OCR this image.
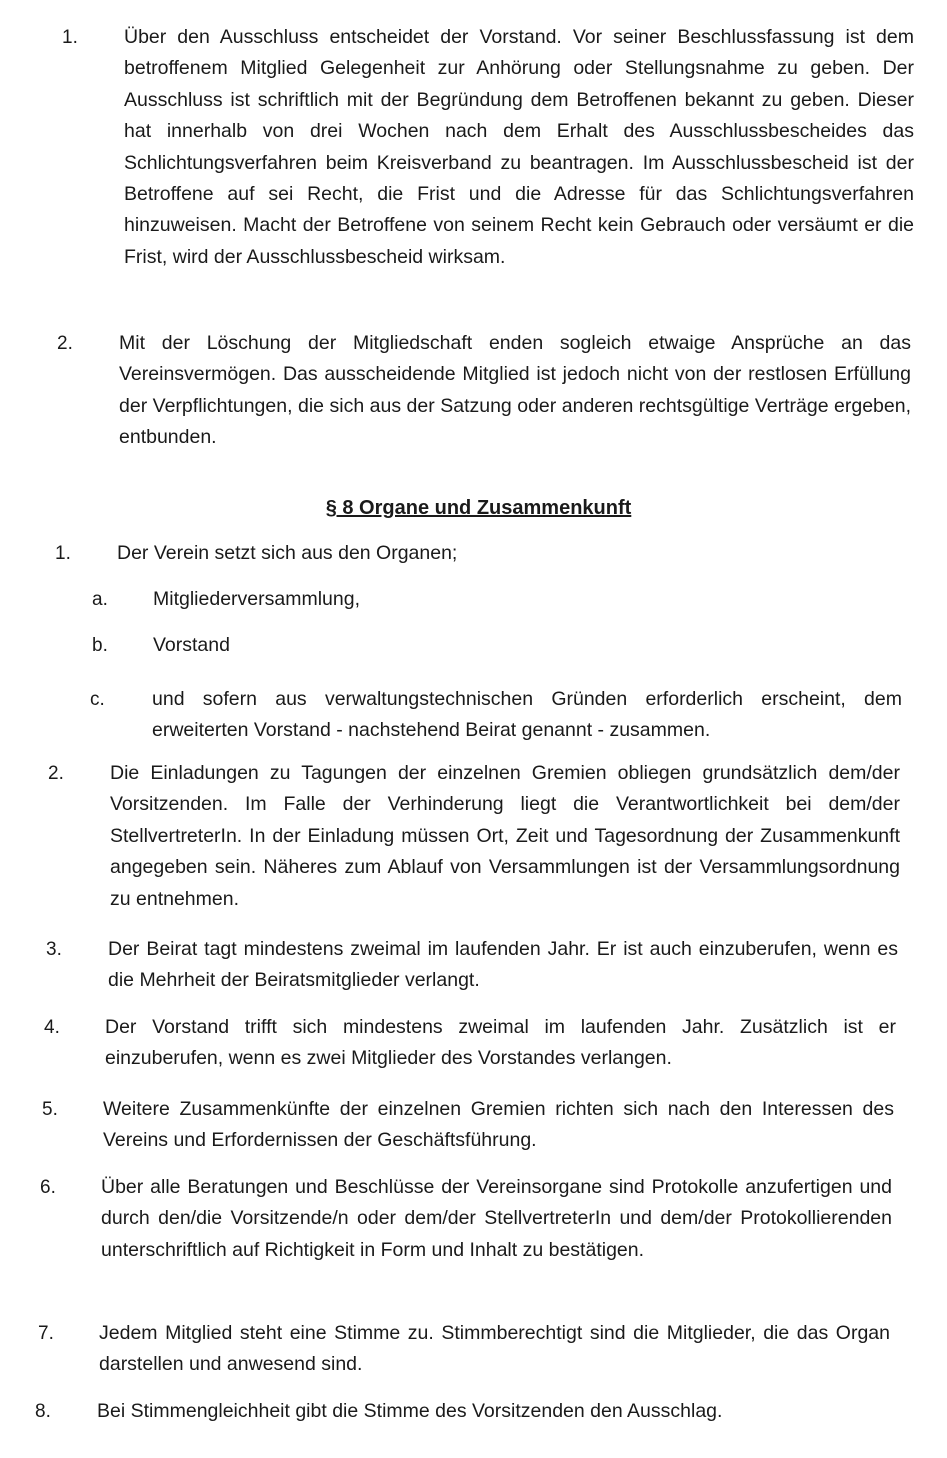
1.	Über den Ausschluss entscheidet der Vorstand. Vor seiner Beschlussfassung ist dem betroffenem Mitglied Gelegenheit zur Anhörung oder Stellungsnahme zu geben. Der Ausschluss ist schriftlich mit der Begründung dem Betroffenen bekannt zu geben. Dieser hat innerhalb von drei Wochen nach dem Erhalt des Ausschlussbescheides das Schlichtungsverfahren beim Kreisverband zu beantragen. Im Ausschlussbescheid ist der Betroffene auf sei Recht, die Frist und die Adresse für das Schlichtungsverfahren hinzuweisen. Macht der Betroffene von seinem Recht kein Gebrauch oder versäumt er die Frist, wird der Ausschlussbescheid wirksam.
2.	Mit der Löschung der Mitgliedschaft enden sogleich etwaige Ansprüche an das Vereinsvermögen. Das ausscheidende Mitglied ist jedoch nicht von der restlosen Erfüllung der Verpflichtungen, die sich aus der Satzung oder anderen rechtsgültige Verträge ergeben, entbunden.
§ 8 Organe und Zusammenkunft
1.	Der Verein setzt sich aus den Organen;
a.	Mitgliederversammlung,
b.	Vorstand
c.	und sofern aus verwaltungstechnischen Gründen erforderlich erscheint, dem erweiterten Vorstand - nachstehend Beirat genannt - zusammen.
2.	Die Einladungen zu Tagungen der einzelnen Gremien obliegen grundsätzlich dem/der Vorsitzenden. Im Falle der Verhinderung liegt die Verantwortlichkeit bei dem/der StellvertreterIn. In der Einladung müssen Ort, Zeit und Tagesordnung der Zusammenkunft angegeben sein. Näheres zum Ablauf von Versammlungen ist der Versammlungsordnung zu entnehmen.
3.	Der Beirat tagt mindestens zweimal im laufenden Jahr. Er ist auch einzuberufen, wenn es die Mehrheit der Beiratsmitglieder verlangt.
4.	Der Vorstand trifft sich mindestens zweimal im laufenden Jahr. Zusätzlich ist er einzuberufen, wenn es zwei Mitglieder des Vorstandes verlangen.
5.	Weitere Zusammenkünfte der einzelnen Gremien richten sich nach den Interessen des Vereins und Erfordernissen der Geschäftsführung.
6.	Über alle Beratungen und Beschlüsse der Vereinsorgane sind Protokolle anzufertigen und durch den/die Vorsitzende/n oder dem/der StellvertreterIn und dem/der Protokollierenden unterschriftlich auf Richtigkeit in Form und Inhalt zu bestätigen.
7.	Jedem Mitglied steht eine Stimme zu. Stimmberechtigt sind die Mitglieder, die das Organ darstellen und anwesend sind.
8.	Bei Stimmengleichheit gibt die Stimme des Vorsitzenden den Ausschlag.
